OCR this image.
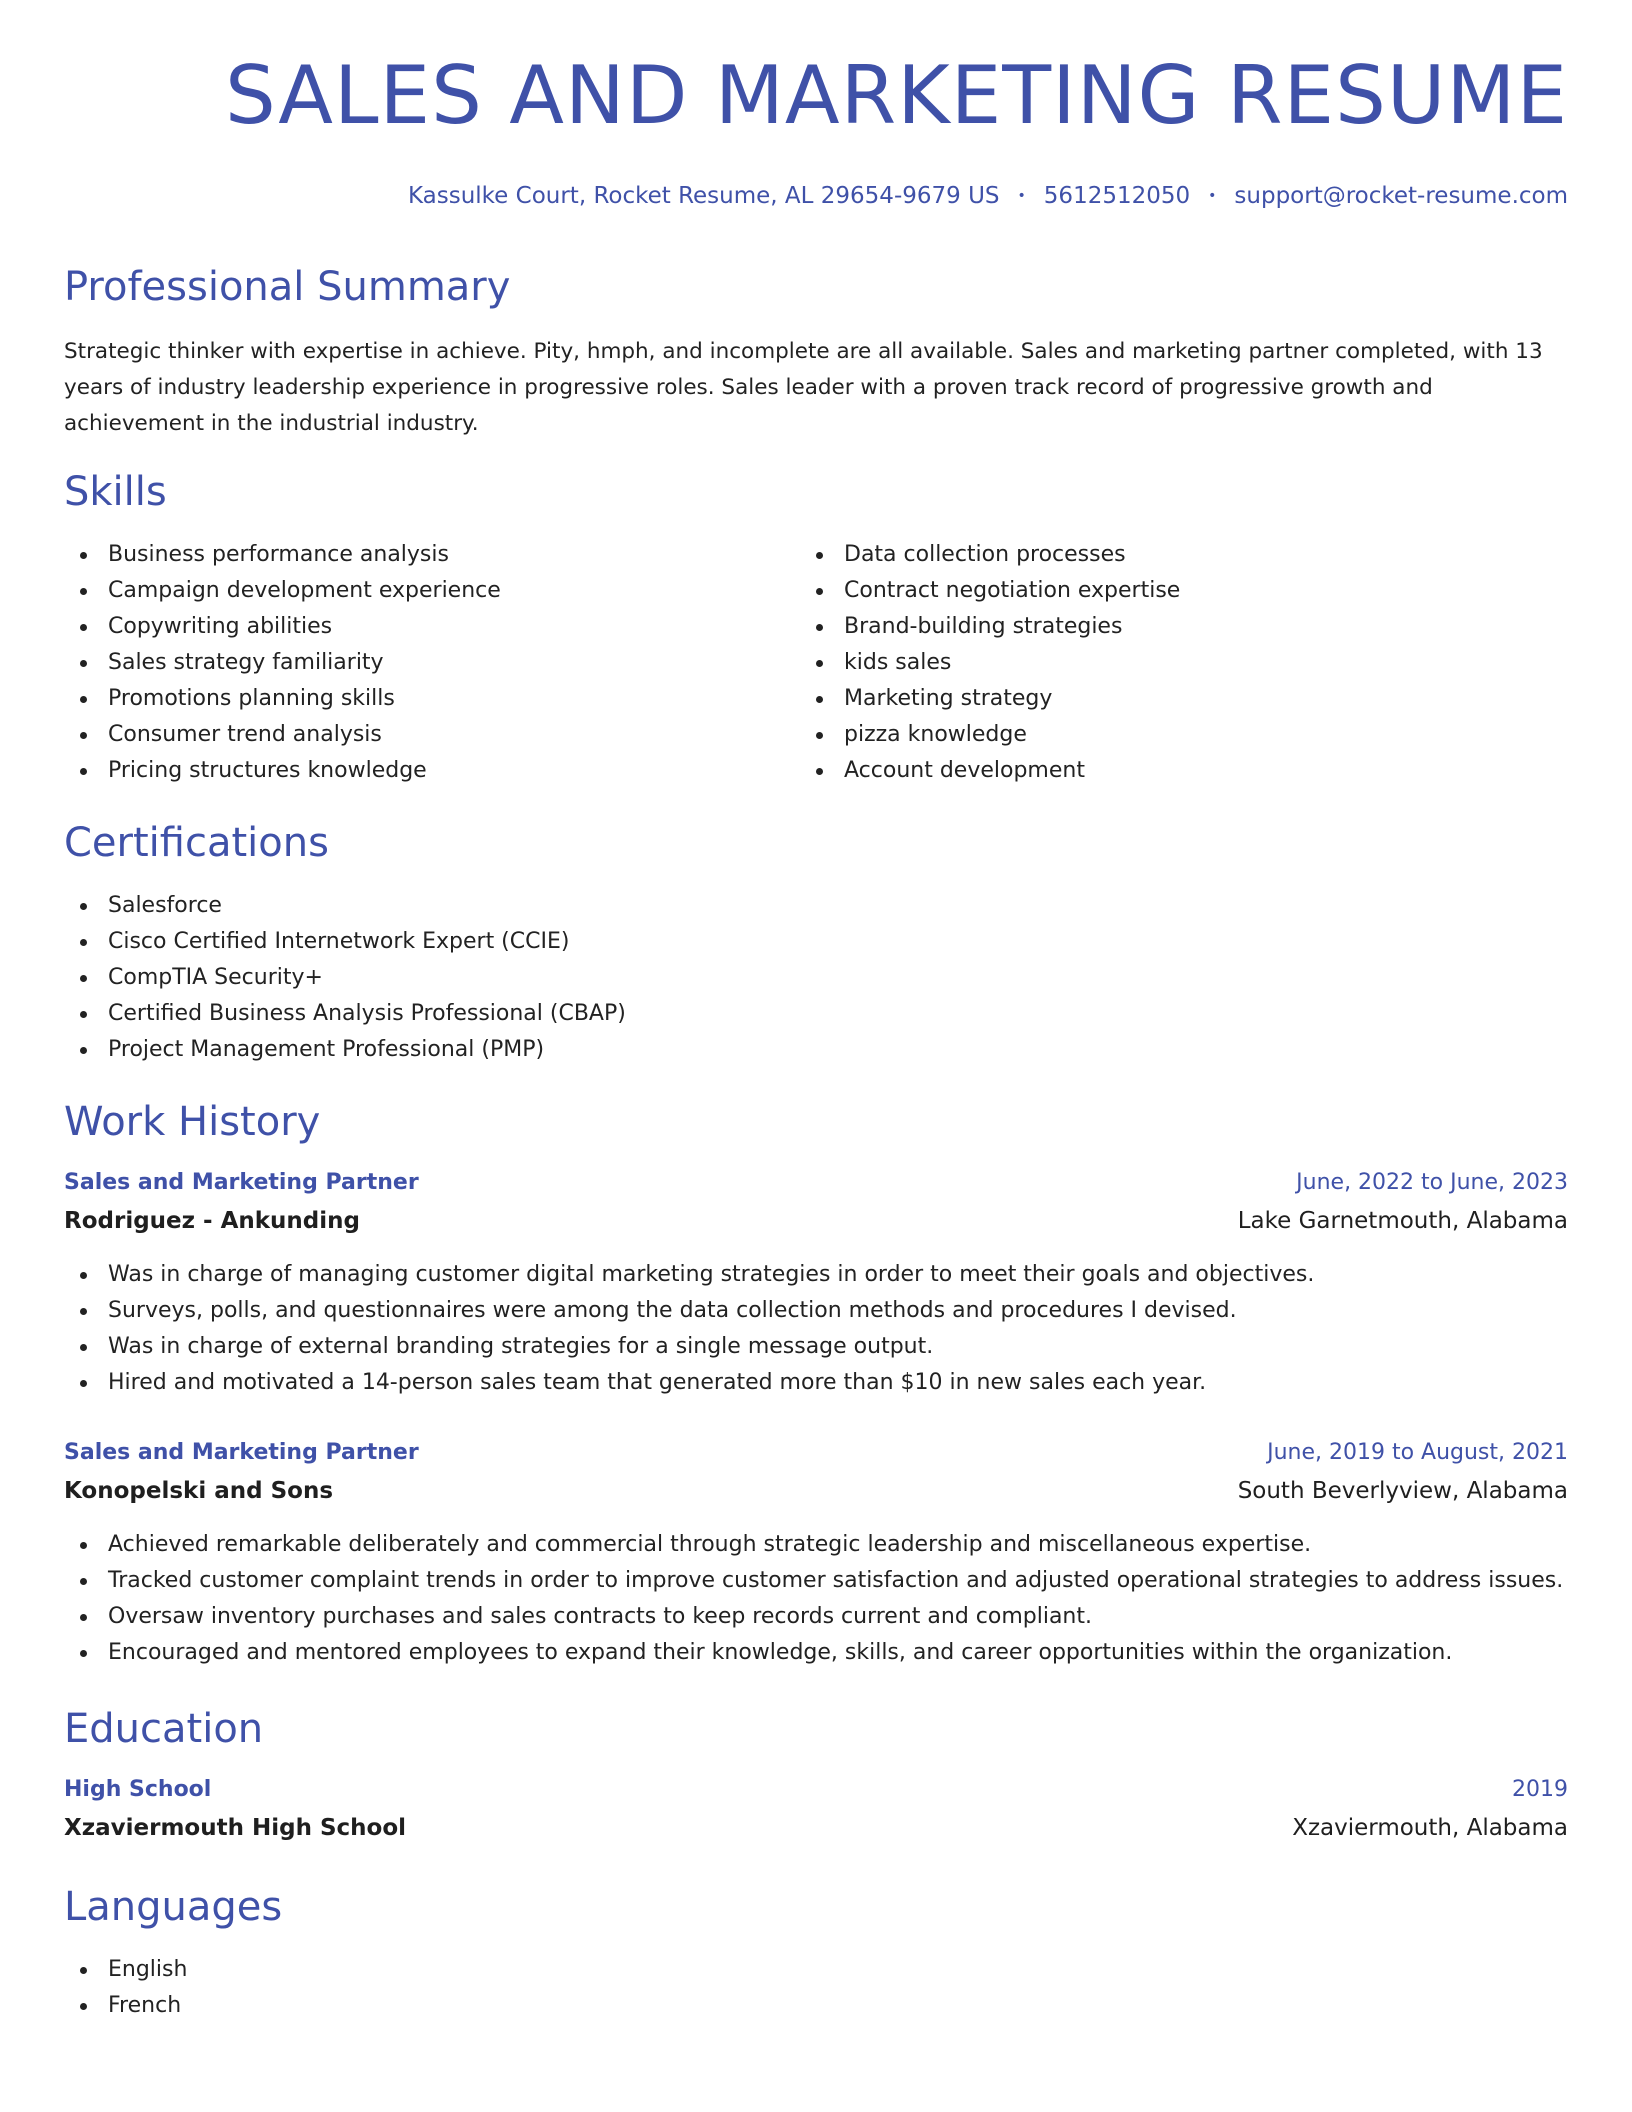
SALES AND MARKETING RESUME
Kassulke Court, Rocket Resume, AL 29654-9679 US • 5612512050 • support@rocket-resume.com
Professional Summary

Strategic thinker with expertise in achieve. Pity, hmph, and incomplete are all available. Sales and marketing partner completed, with 13 years of industry leadership experience in progressive roles. Sales leader with a proven track record of progressive growth and achievement in the industrial industry.

Skills
Business performance analysis
Campaign development experience
Copywriting abilities
Sales strategy familiarity
Promotions planning skills
Consumer trend analysis
Pricing structures knowledge
Data collection processes
Contract negotiation expertise
Brand-building strategies
kids sales
Marketing strategy
pizza knowledge
Account development
Certifications
Salesforce
Cisco Certified Internetwork Expert (CCIE)
CompTIA Security+
Certified Business Analysis Professional (CBAP)
Project Management Professional (PMP)
Work History
Sales and Marketing Partner	June, 2022 to June, 2023
Rodriguez - Ankunding	Lake Garnetmouth, Alabama
Was in charge of managing customer digital marketing strategies in order to meet their goals and objectives.
Surveys, polls, and questionnaires were among the data collection methods and procedures I devised.
Was in charge of external branding strategies for a single message output.
Hired and motivated a 14-person sales team that generated more than $10 in new sales each year.
Sales and Marketing Partner	June, 2019 to August, 2021
Konopelski and Sons	South Beverlyview, Alabama
Achieved remarkable deliberately and commercial through strategic leadership and miscellaneous expertise.
Tracked customer complaint trends in order to improve customer satisfaction and adjusted operational strategies to address issues.
Oversaw inventory purchases and sales contracts to keep records current and compliant.
Encouraged and mentored employees to expand their knowledge, skills, and career opportunities within the organization.
Education
High School	2019
Xzaviermouth High School	Xzaviermouth, Alabama
Languages
English
French
